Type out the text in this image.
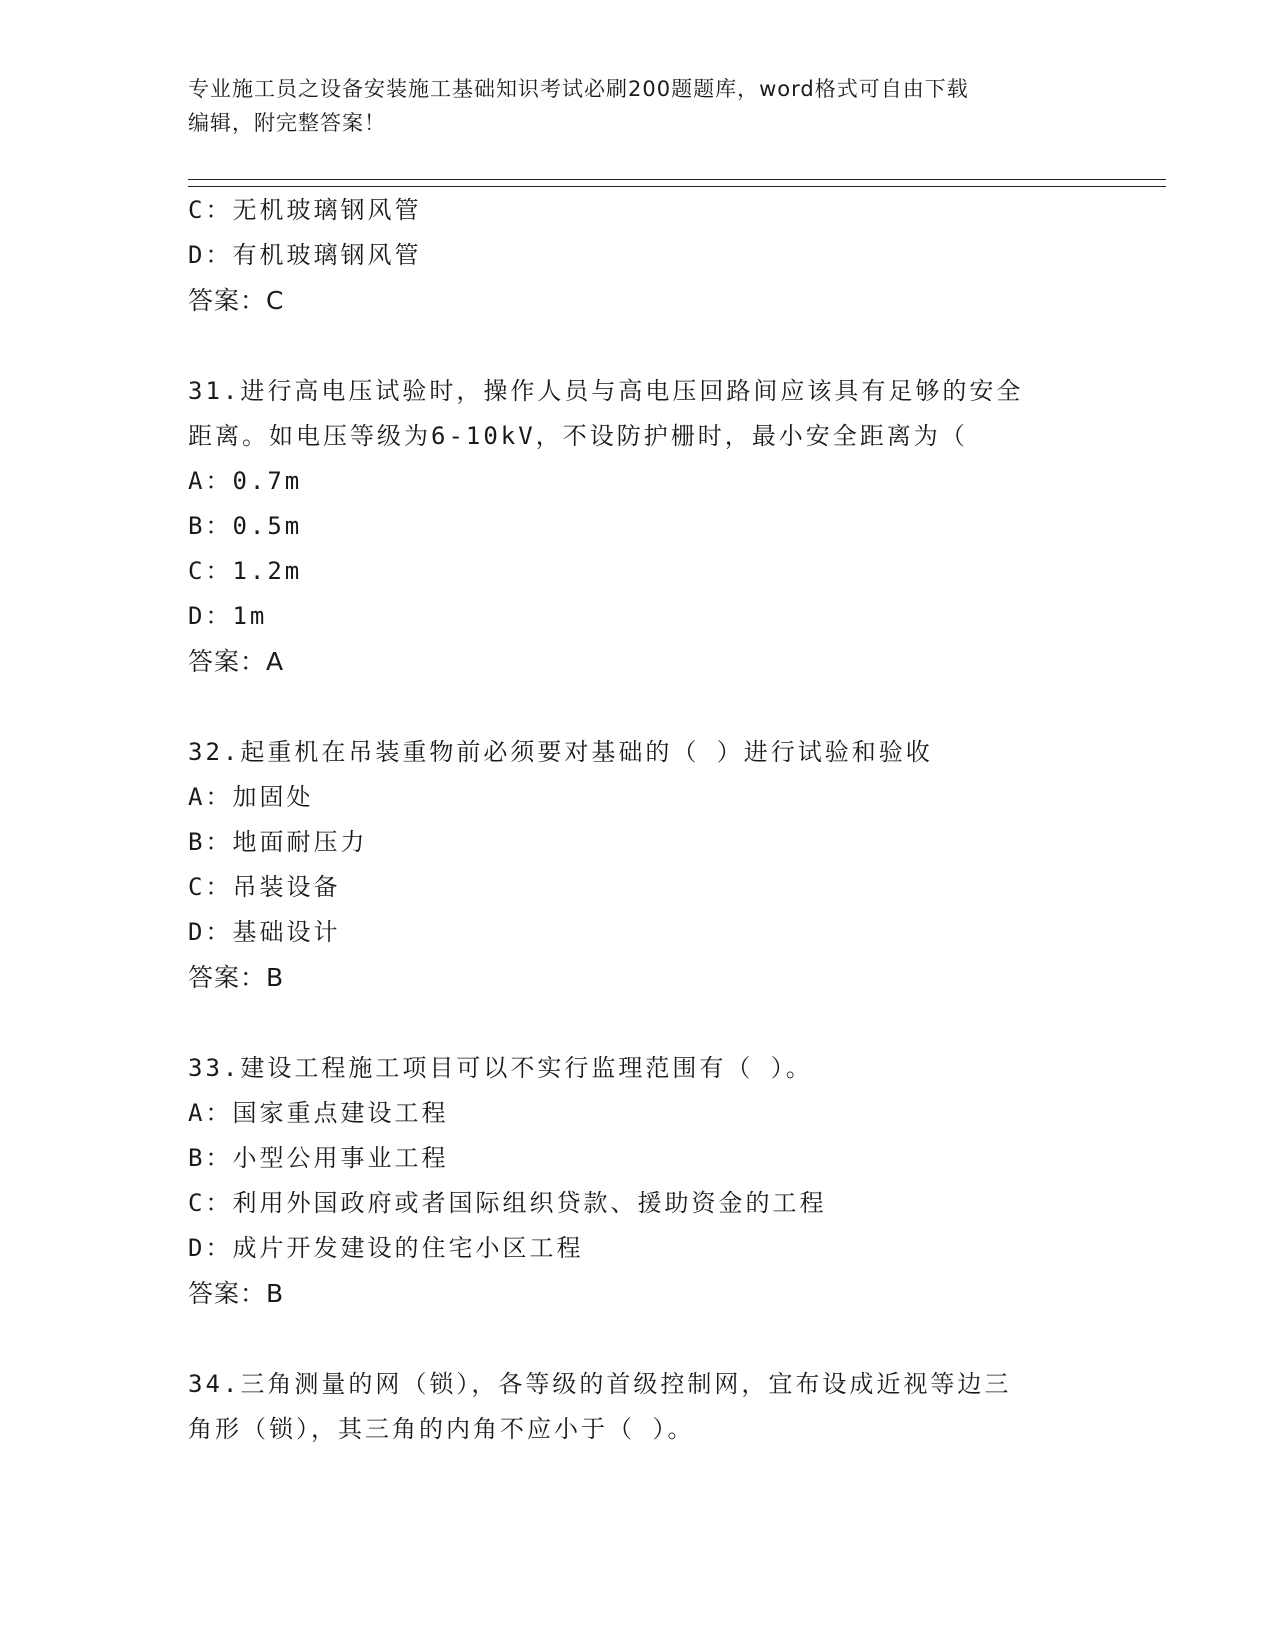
专业施工员之设备安装施工基础知识考试必刷200题题库，word格式可自由下载
编辑，附完整答案！
C：无机玻璃钢风管
D：有机玻璃钢风管
答案：C
31.进行高电压试验时，操作人员与高电压回路间应该具有足够的安全
距离。如电压等级为6-10kV，不设防护栅时，最小安全距离为（
A：0.7m
B：0.5m
C：1.2m
D：1m
答案：A
32.起重机在吊装重物前必须要对基础的（ ）进行试验和验收
A：加固处
B：地面耐压力
C：吊装设备
D：基础设计
答案：B
33.建设工程施工项目可以不实行监理范围有（ ）。
A：国家重点建设工程
B：小型公用事业工程
C：利用外国政府或者国际组织贷款、援助资金的工程
D：成片开发建设的住宅小区工程
答案：B
34.三角测量的网（锁），各等级的首级控制网，宜布设成近视等边三
角形（锁），其三角的内角不应小于（ ）。
